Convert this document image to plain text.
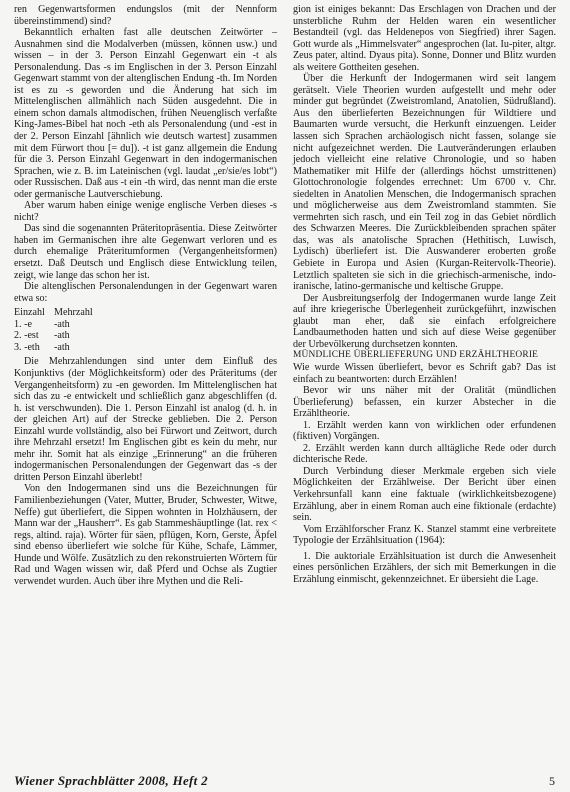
ren Gegenwartsformen endungslos (mit der Nennform übereinstimmend) sind?

Bekanntlich erhalten fast alle deutschen Zeitwörter – Ausnahmen sind die Modalverben (müssen, können usw.) und wissen – in der 3. Person Einzahl Gegenwart ein -t als Personalendung. Das -s im Englischen in der 3. Person Einzahl Gegenwart stammt von der altenglischen Endung -th. Im Norden ist es zu -s geworden und die Änderung hat sich im Mittelenglischen allmählich nach Süden ausgedehnt. Die in einem schon damals altmodischen, frühen Neuenglisch verfaßte King-James-Bibel hat noch -eth als Personalendung (und -est in der 2. Person Einzahl [ähnlich wie deutsch wartest] zusammen mit dem Fürwort thou [= du]). -t ist ganz allgemein die Endung für die 3. Person Einzahl Gegenwart in den indogermanischen Sprachen, wie z. B. im Lateinischen (vgl. laudat „er/sie/es lobt“) oder Russischen. Daß aus -t ein -th wird, das nennt man die erste oder germanische Lautverschiebung.

Aber warum haben einige wenige englische Verben dieses -s nicht?

Das sind die sogenannten Präteritopräsentia. Diese Zeitwörter haben im Germanischen ihre alte Gegenwart verloren und es durch ehemalige Präteritumformen (Vergangenheitsformen) ersetzt. Daß Deutsch und Englisch diese Entwicklung teilen, zeigt, wie lange das schon her ist.

Die altenglischen Personalendungen in der Gegenwart waren etwa so:

Einzahl Mehrzahl
1. -e	-ath
2. -est	-ath
3. -eth	-ath

Die Mehrzahlendungen sind unter dem Einfluß des Konjunktivs (der Möglichkeitsform) oder des Präteritums (der Vergangenheitsform) zu -en geworden. Im Mittelenglischen hat sich das zu -e entwickelt und schließlich ganz abgeschliffen (d. h. ist verschwunden). Die 1. Person Einzahl ist analog (d. h. in der gleichen Art) auf der Strecke geblieben. Die 2. Person Einzahl wurde vollständig, also bei Fürwort und Zeitwort, durch ihre Mehrzahl ersetzt! Im Englischen gibt es kein du mehr, nur mehr ihr. Somit hat als einzige „Erinnerung“ an die früheren indogermanischen Personalendungen der Gegenwart das -s der dritten Person Einzahl überlebt!

Von den Indogermanen sind uns die Bezeichnungen für Familienbeziehungen (Vater, Mutter, Bruder, Schwester, Witwe, Neffe) gut überliefert, die Sippen wohnten in Holzhäusern, der Mann war der „Hausherr“. Es gab Stammeshäuptlinge (lat. rex < regs, altind. raja). Wörter für säen, pflügen, Korn, Gerste, Äpfel sind ebenso überliefert wie solche für Kühe, Schafe, Lämmer, Hunde und Wölfe. Zusätzlich zu den rekonstruierten Wörtern für Rad und Wagen wissen wir, daß Pferd und Ochse als Zugtier verwendet wurden. Auch über ihre Mythen und die Reli-

gion ist einiges bekannt: Das Erschlagen von Drachen und der unsterbliche Ruhm der Helden waren ein wesentlicher Bestandteil (vgl. das Heldenepos von Siegfried) ihrer Sagen. Gott wurde als „Himmelsvater“ angesprochen (lat. Iu-piter, altgr. Zeus pater, altind. Dyaus pita). Sonne, Donner und Blitz wurden als weitere Gottheiten gesehen.

Über die Herkunft der Indogermanen wird seit langem gerätselt. Viele Theorien wurden aufgestellt und mehr oder minder gut begründet (Zweistromland, Anatolien, Südrußland). Aus den überlieferten Bezeichnungen für Wildtiere und Baumarten wurde versucht, die Herkunft einzuengen. Leider lassen sich Sprachen archäologisch nicht fassen, solange sie nicht aufgezeichnet werden. Die Lautveränderungen erlauben jedoch vielleicht eine relative Chronologie, und so haben Mathematiker mit Hilfe der (allerdings höchst umstrittenen) Glottochronologie folgendes errechnet: Um 6700 v. Chr. siedelten in Anatolien Menschen, die Indogermanisch sprachen und möglicherweise aus dem Zweistromland stammten. Sie vermehrten sich rasch, und ein Teil zog in das Gebiet nördlich des Schwarzen Meeres. Die Zurückbleibenden sprachen später das, was als anatolische Sprachen (Hethitisch, Luwisch, Lydisch) überliefert ist. Die Auswanderer eroberten große Gebiete in Europa und Asien (Kurgan-Reitervolk-Theorie). Letztlich spalteten sie sich in die griechisch-armenische, indo-iranische, latino-germanische und keltische Gruppe.

Der Ausbreitungserfolg der Indogermanen wurde lange Zeit auf ihre kriegerische Überlegenheit zurückgeführt, inzwischen glaubt man eher, daß sie einfach erfolgreichere Landbaumethoden hatten und sich auf diese Weise gegenüber der Urbevölkerung durchsetzen konnten.

MÜNDLICHE ÜBERLIEFERUNG UND ERZÄHLTHEORIE

Wie wurde Wissen überliefert, bevor es Schrift gab? Das ist einfach zu beantworten: durch Erzählen!

Bevor wir uns näher mit der Oralität (mündlichen Überlieferung) befassen, ein kurzer Abstecher in die Erzähltheorie.

1. Erzählt werden kann von wirklichen oder erfundenen (fiktiven) Vorgängen.

2. Erzählt werden kann durch alltägliche Rede oder durch dichterische Rede.

Durch Verbindung dieser Merkmale ergeben sich viele Möglichkeiten der Erzählweise. Der Bericht über einen Verkehrsunfall kann eine faktuale (wirklichkeitsbezogene) Erzählung, aber in einem Roman auch eine fiktionale (erdachte) sein.

Vom Erzählforscher Franz K. Stanzel stammt eine verbreitete Typologie der Erzählsituation (1964):

1. Die auktoriale Erzählsituation ist durch die Anwesenheit eines persönlichen Erzählers, der sich mit Bemerkungen in die Erzählung einmischt, gekennzeichnet. Er übersieht die Lage.

Wiener Sprachblätter 2008, Heft 2	5
